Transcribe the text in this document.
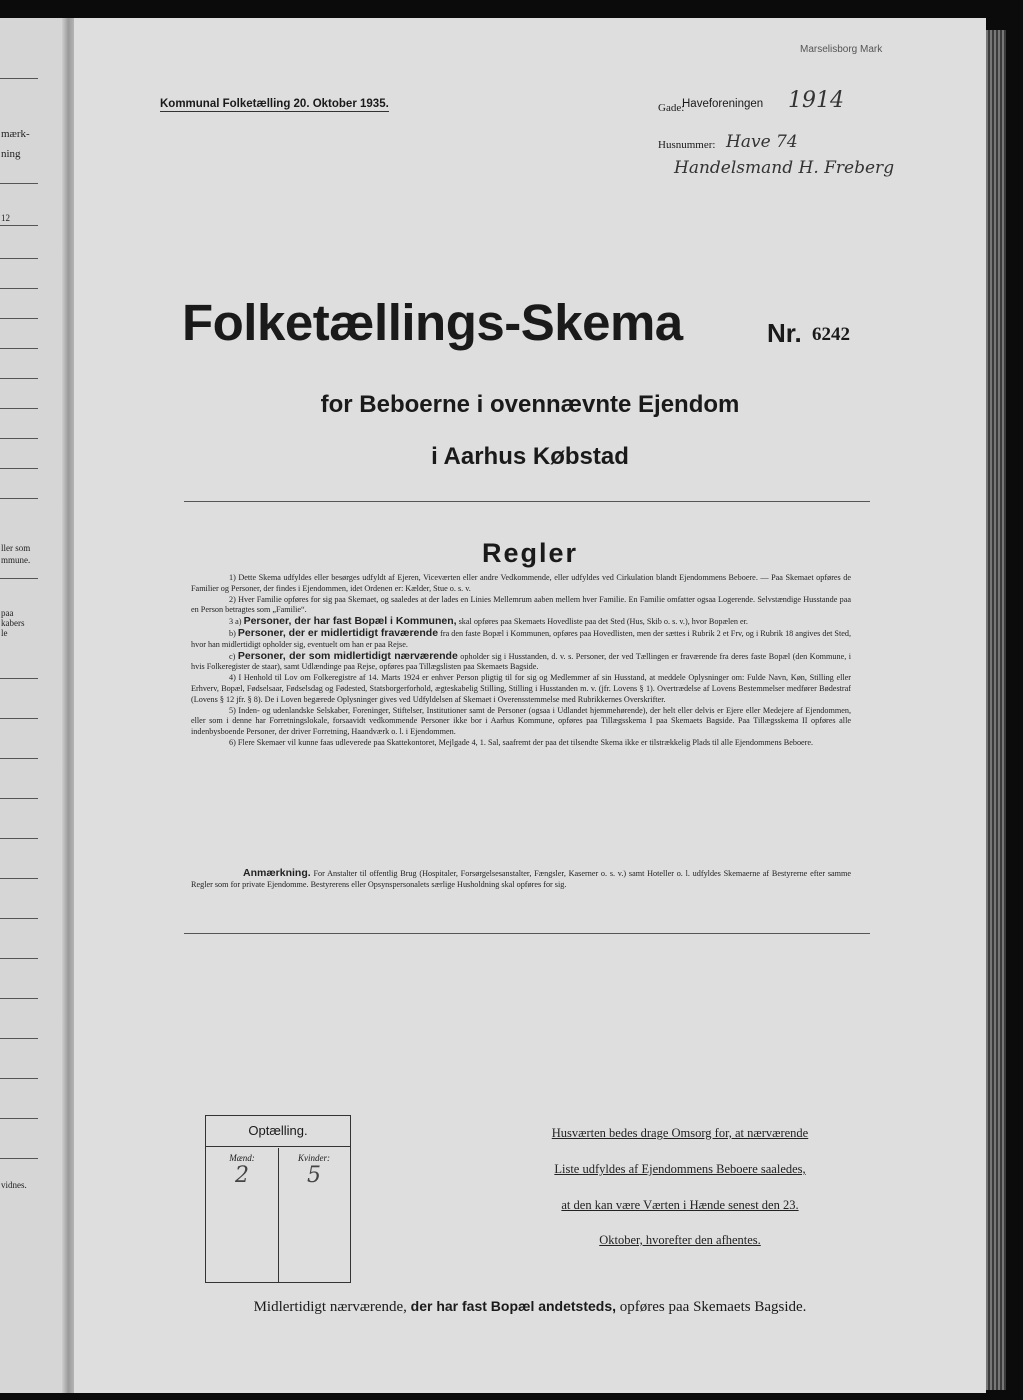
mærk-
ning
12
ller som
mmune.
paa
kabers
le
vidnes.
Marselisborg Mark
Kommunal Folketælling 20. Oktober 1935.	Gade:
Haveforeningen 1914
Husnummer: Have 74
Handelsmand H. Freberg
Folketællings-Skema	Nr. 6242
for Beboerne i ovennævnte Ejendom
i Aarhus Købstad
Regler

1) Dette Skema udfyldes eller besørges udfyldt af Ejeren, Viceværten eller andre Vedkommende, eller udfyldes ved Cirkulation blandt Ejendommens Beboere. — Paa Skemaet opføres de Familier og Personer, der findes i Ejendommen, idet Ordenen er: Kælder, Stue o. s. v.

2) Hver Familie opføres for sig paa Skemaet, og saaledes at der lades en Linies Mellemrum aaben mellem hver Familie. En Familie omfatter ogsaa Logerende. Selvstændige Husstande paa en Person betragtes som „Familie“.

3 a) Personer, der har fast Bopæl i Kommunen, skal opføres paa Skemaets Hovedliste paa det Sted (Hus, Skib o. s. v.), hvor Bopælen er.

b) Personer, der er midlertidigt fraværende fra den faste Bopæl i Kommunen, opføres paa Hovedlisten, men der sættes i Rubrik 2 et Frv, og i Rubrik 18 angives det Sted, hvor han midlertidigt opholder sig, eventuelt om han er paa Rejse.

c) Personer, der som midlertidigt nærværende opholder sig i Husstanden, d. v. s. Personer, der ved Tællingen er fraværende fra deres faste Bopæl (den Kommune, i hvis Folkeregister de staar), samt Udlændinge paa Rejse, opføres paa Tillægslisten paa Skemaets Bagside.

4) I Henhold til Lov om Folkeregistre af 14. Marts 1924 er enhver Person pligtig til for sig og Medlemmer af sin Husstand, at meddele Oplysninger om: Fulde Navn, Køn, Stilling eller Erhverv, Bopæl, Fødselsaar, Fødselsdag og Fødested, Statsborgerforhold, ægteskabelig Stilling, Stilling i Husstanden m. v. (jfr. Lovens § 1). Overtrædelse af Lovens Bestemmelser medfører Bødestraf (Lovens § 12 jfr. § 8). De i Loven begærede Oplysninger gives ved Udfyldelsen af Skemaet i Overensstemmelse med Rubrikkernes Overskrifter.

5) Inden- og udenlandske Selskaber, Foreninger, Stiftelser, Institutioner samt de Personer (ogsaa i Udlandet hjemmehørende), der helt eller delvis er Ejere eller Medejere af Ejendommen, eller som i denne har Forretningslokale, forsaavidt vedkommende Personer ikke bor i Aarhus Kommune, opføres paa Tillægsskema I paa Skemaets Bagside. Paa Tillægsskema II opføres alle indenbysboende Personer, der driver Forretning, Haandværk o. l. i Ejendommen.

6) Flere Skemaer vil kunne faas udleverede paa Skattekontoret, Mejlgade 4, 1. Sal, saafremt der paa det tilsendte Skema ikke er tilstrækkelig Plads til alle Ejendommens Beboere.

Anmærkning. For Anstalter til offentlig Brug (Hospitaler, Forsørgelsesanstalter, Fængsler, Kaserner o. s. v.) samt Hoteller o. l. udfyldes Skemaerne af Bestyrerne efter samme Regler som for private Ejendomme. Bestyrerens eller Opsynspersonalets særlige Husholdning skal opføres for sig.

Optælling.
Mænd:
2
Kvinder:
5
Husværten bedes drage Omsorg for, at nærværende
Liste udfyldes af Ejendommens Beboere saaledes,
at den kan være Værten i Hænde senest den 23.
Oktober, hvorefter den afhentes.
Midlertidigt nærværende, der har fast Bopæl andetsteds, opføres paa Skemaets Bagside.
